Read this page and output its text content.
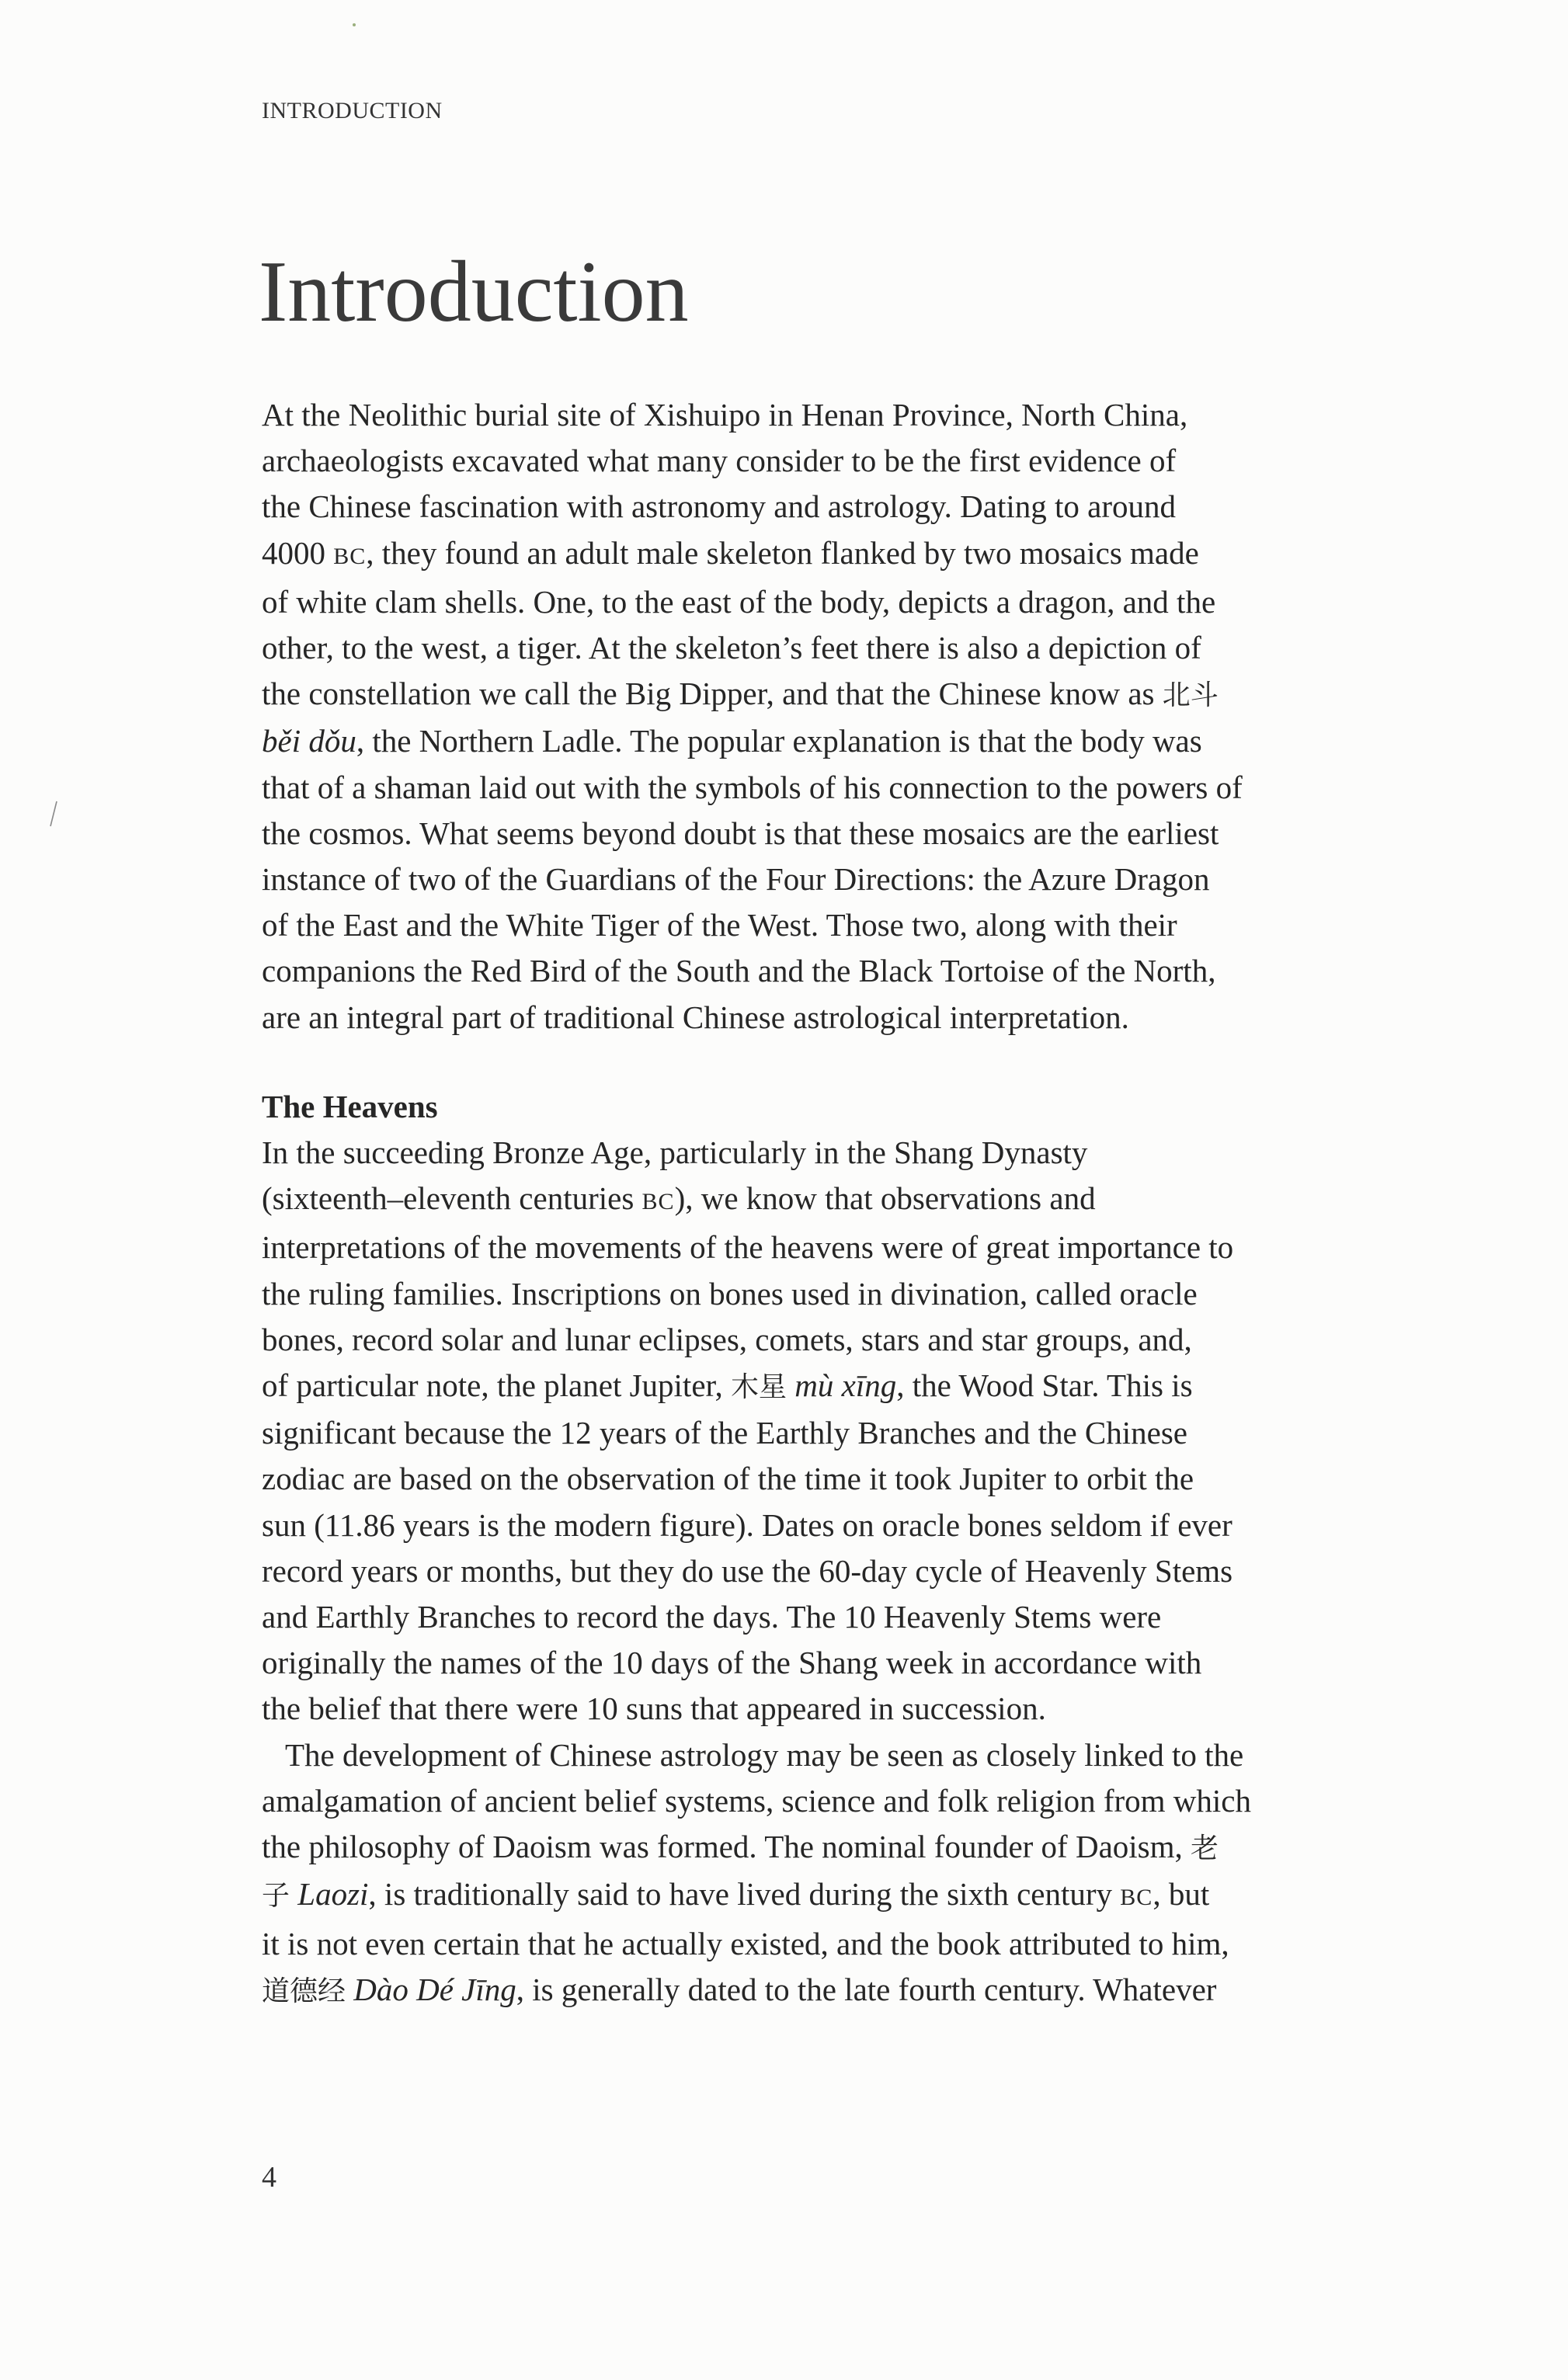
INTRODUCTION
Introduction
At the Neolithic burial site of Xishuipo in Henan Province, North China,
archaeologists excavated what many consider to be the first evidence of
the Chinese fascination with astronomy and astrology. Dating to around
4000 BC, they found an adult male skeleton flanked by two mosaics made
of white clam shells. One, to the east of the body, depicts a dragon, and the
other, to the west, a tiger. At the skeleton’s feet there is also a depiction of
the constellation we call the Big Dipper, and that the Chinese know as 北斗
běi dǒu, the Northern Ladle. The popular explanation is that the body was
that of a shaman laid out with the symbols of his connection to the powers of
the cosmos. What seems beyond doubt is that these mosaics are the earliest
instance of two of the Guardians of the Four Directions: the Azure Dragon
of the East and the White Tiger of the West. Those two, along with their
companions the Red Bird of the South and the Black Tortoise of the North,
are an integral part of traditional Chinese astrological interpretation.
The Heavens
In the succeeding Bronze Age, particularly in the Shang Dynasty
(sixteenth–eleventh centuries BC), we know that observations and
interpretations of the movements of the heavens were of great importance to
the ruling families. Inscriptions on bones used in divination, called oracle
bones, record solar and lunar eclipses, comets, stars and star groups, and,
of particular note, the planet Jupiter, 木星 mù xīng, the Wood Star. This is
significant because the 12 years of the Earthly Branches and the Chinese
zodiac are based on the observation of the time it took Jupiter to orbit the
sun (11.86 years is the modern figure). Dates on oracle bones seldom if ever
record years or months, but they do use the 60-day cycle of Heavenly Stems
and Earthly Branches to record the days. The 10 Heavenly Stems were
originally the names of the 10 days of the Shang week in accordance with
the belief that there were 10 suns that appeared in succession.
The development of Chinese astrology may be seen as closely linked to the
amalgamation of ancient belief systems, science and folk religion from which
the philosophy of Daoism was formed. The nominal founder of Daoism, 老
子 Laozi, is traditionally said to have lived during the sixth century BC, but
it is not even certain that he actually existed, and the book attributed to him,
道德经 Dào Dé Jīng, is generally dated to the late fourth century. Whatever
4
